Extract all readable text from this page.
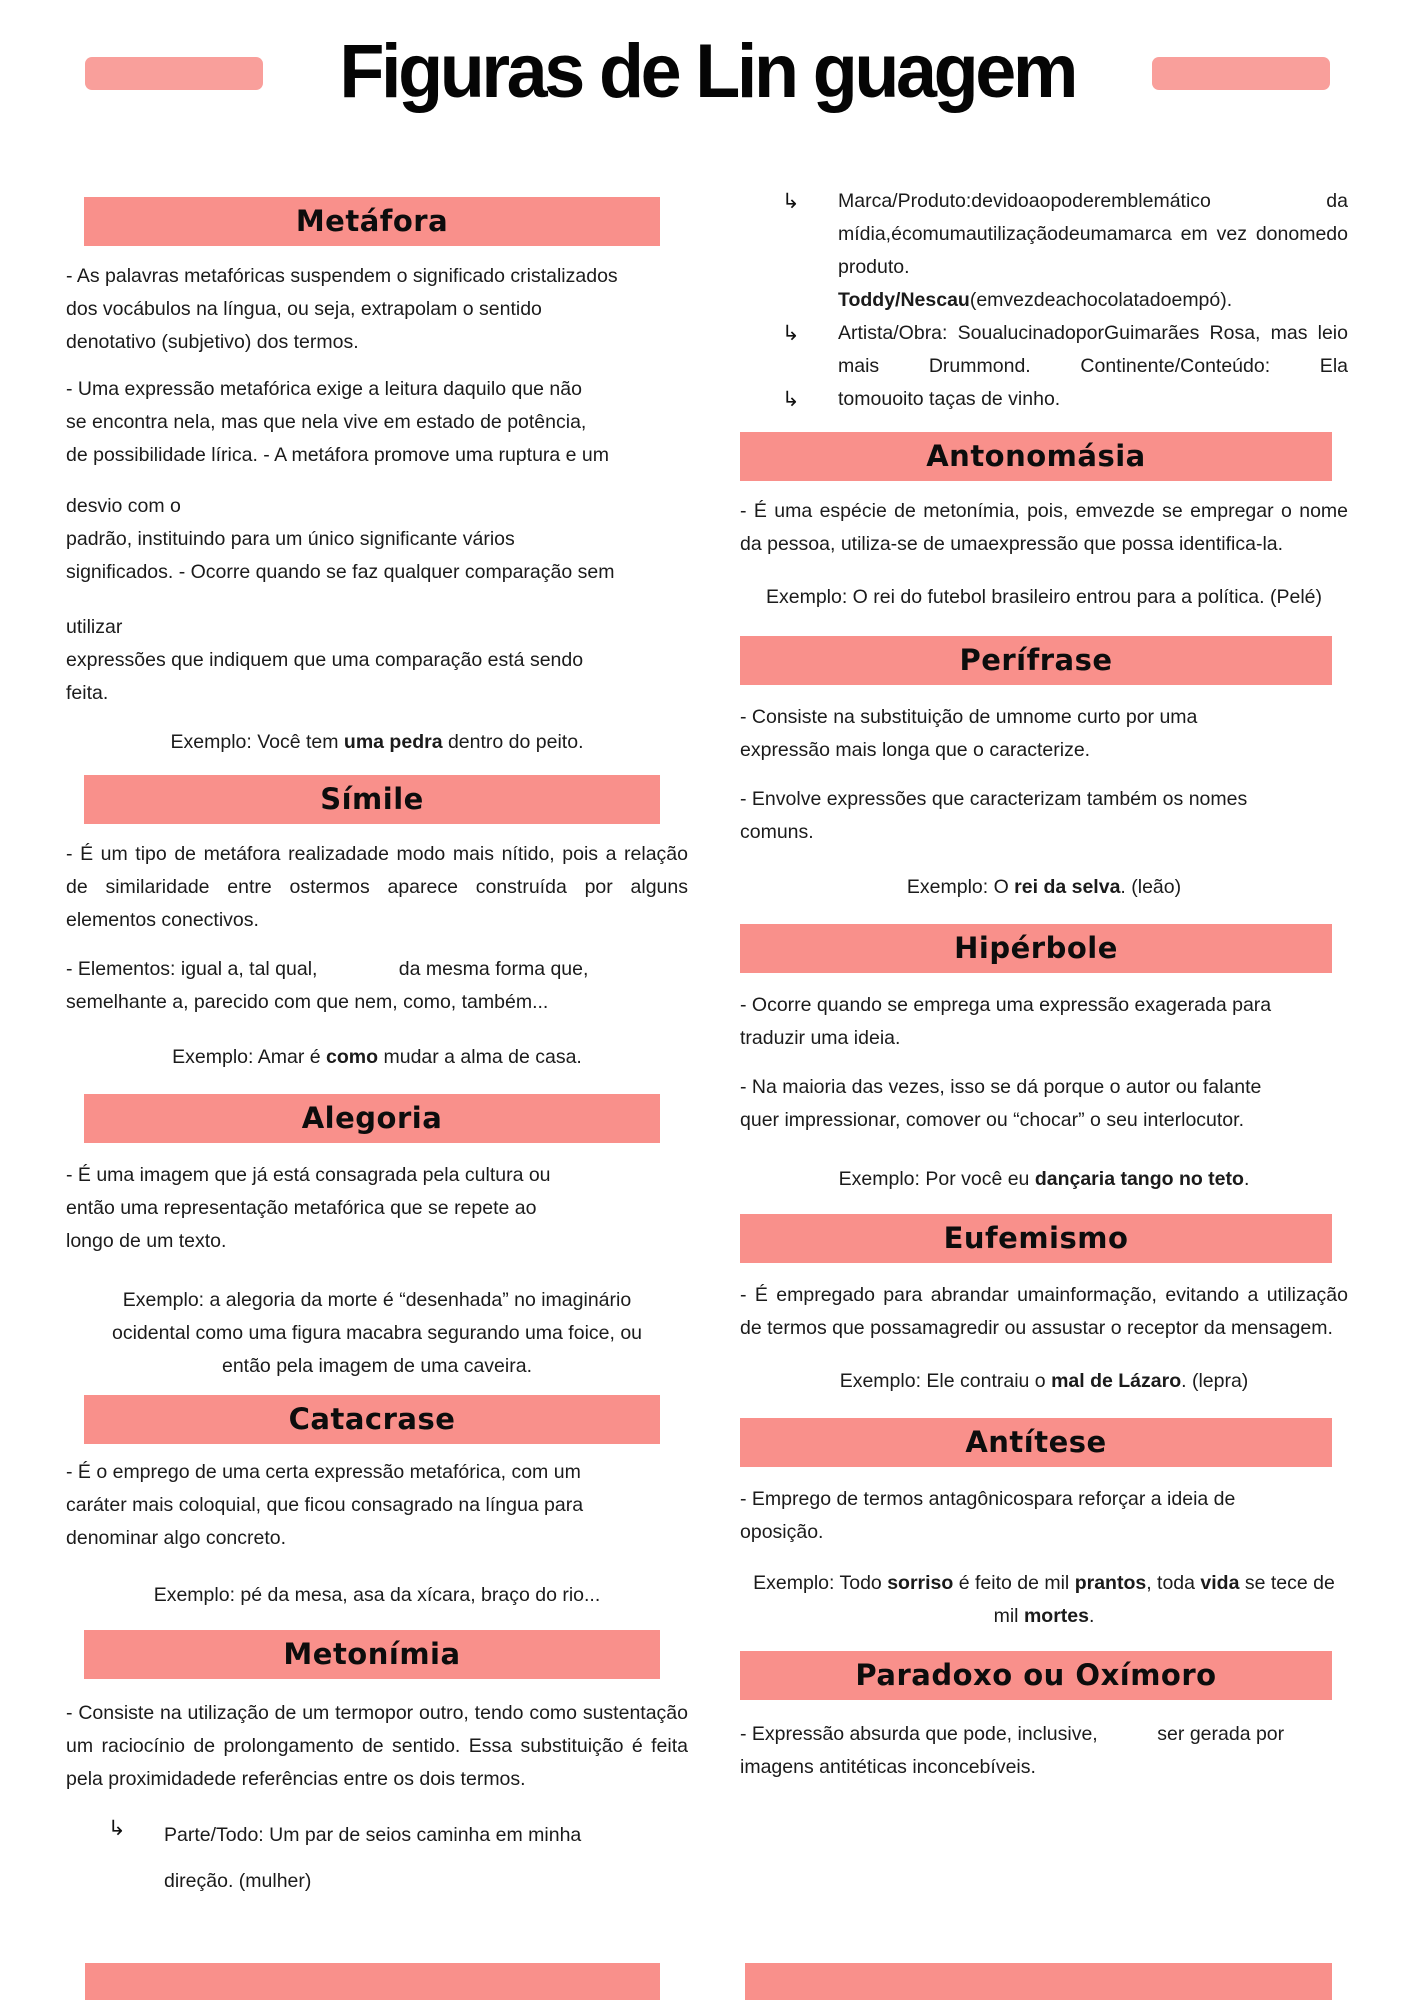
Figuras de Lin guagem
Metáfora

- As palavras metafóricas suspendem o significado cristalizados
dos vocábulos na língua, ou seja, extrapolam o sentido
denotativo (subjetivo) dos termos.

- Uma expressão metafórica exige a leitura daquilo que não
se encontra nela, mas que nela vive em estado de potência,
de possibilidade lírica. - A metáfora promove uma ruptura e um

desvio com o
padrão, instituindo para um único significante vários
significados. - Ocorre quando se faz qualquer comparação sem

utilizar
expressões que indiquem que uma comparação está sendo
feita.

Exemplo: Você tem uma pedra dentro do peito.

Símile

- É um tipo de metáfora realizadade modo mais nítido, pois a relação de similaridade entre ostermos aparece construída por alguns elementos conectivos.

- Elementos: igual a, tal qual,               da mesma forma que,
semelhante a, parecido com que nem, como, também...

Exemplo: Amar é como mudar a alma de casa.

Alegoria

- É uma imagem que já está consagrada pela cultura ou
então uma representação metafórica que se repete ao
longo de um texto.

Exemplo: a alegoria da morte é “desenhada” no imaginário
ocidental como uma figura macabra segurando uma foice, ou
então pela imagem de uma caveira.

Catacrase

- É o emprego de uma certa expressão metafórica, com um
caráter mais coloquial, que ficou consagrado na língua para
denominar algo concreto.

Exemplo: pé da mesa, asa da xícara, braço do rio...

Metonímia

- Consiste na utilização de um termopor outro, tendo como sustentação um raciocínio de prolongamento de sentido. Essa substituição é feita pela proximidadede referências entre os dois termos.

↳	Parte/Todo: Um par de seios caminha em minha
direção. (mulher)

↳	Marca/Produto:devidoaopoderemblemático da mídia,écomumautilizaçãodeumamarca em vez donomedo produto.
Toddy/Nescau(emvezdeachocolatadoempó).

↳	Artista/Obra: SoualucinadoporGuimarães Rosa, mas leio mais Drummond. Continente/Conteúdo: Ela

↳	tomouoito taças de vinho.

Antonomásia

- É uma espécie de metonímia, pois, emvezde se empregar o nome da pessoa, utiliza-se de umaexpressão que possa identifica-la.

Exemplo: O rei do futebol brasileiro entrou para a política. (Pelé)

Perífrase

- Consiste na substituição de umnome curto por uma
expressão mais longa que o caracterize.

- Envolve expressões que caracterizam também os nomes
comuns.

Exemplo: O rei da selva. (leão)

Hipérbole

- Ocorre quando se emprega uma expressão exagerada para
traduzir uma ideia.

- Na maioria das vezes, isso se dá porque o autor ou falante
quer impressionar, comover ou “chocar” o seu interlocutor.

Exemplo: Por você eu dançaria tango no teto.

Eufemismo

- É empregado para abrandar umainformação, evitando a utilização de termos que possamagredir ou assustar o receptor da mensagem.

Exemplo: Ele contraiu o mal de Lázaro. (lepra)

Antítese

- Emprego de termos antagônicospara reforçar a ideia de
oposição.

Exemplo: Todo sorriso é feito de mil prantos, toda vida se tece de
mil mortes.

Paradoxo ou Oxímoro

- Expressão absurda que pode, inclusive,           ser gerada por
imagens antitéticas inconcebíveis.
